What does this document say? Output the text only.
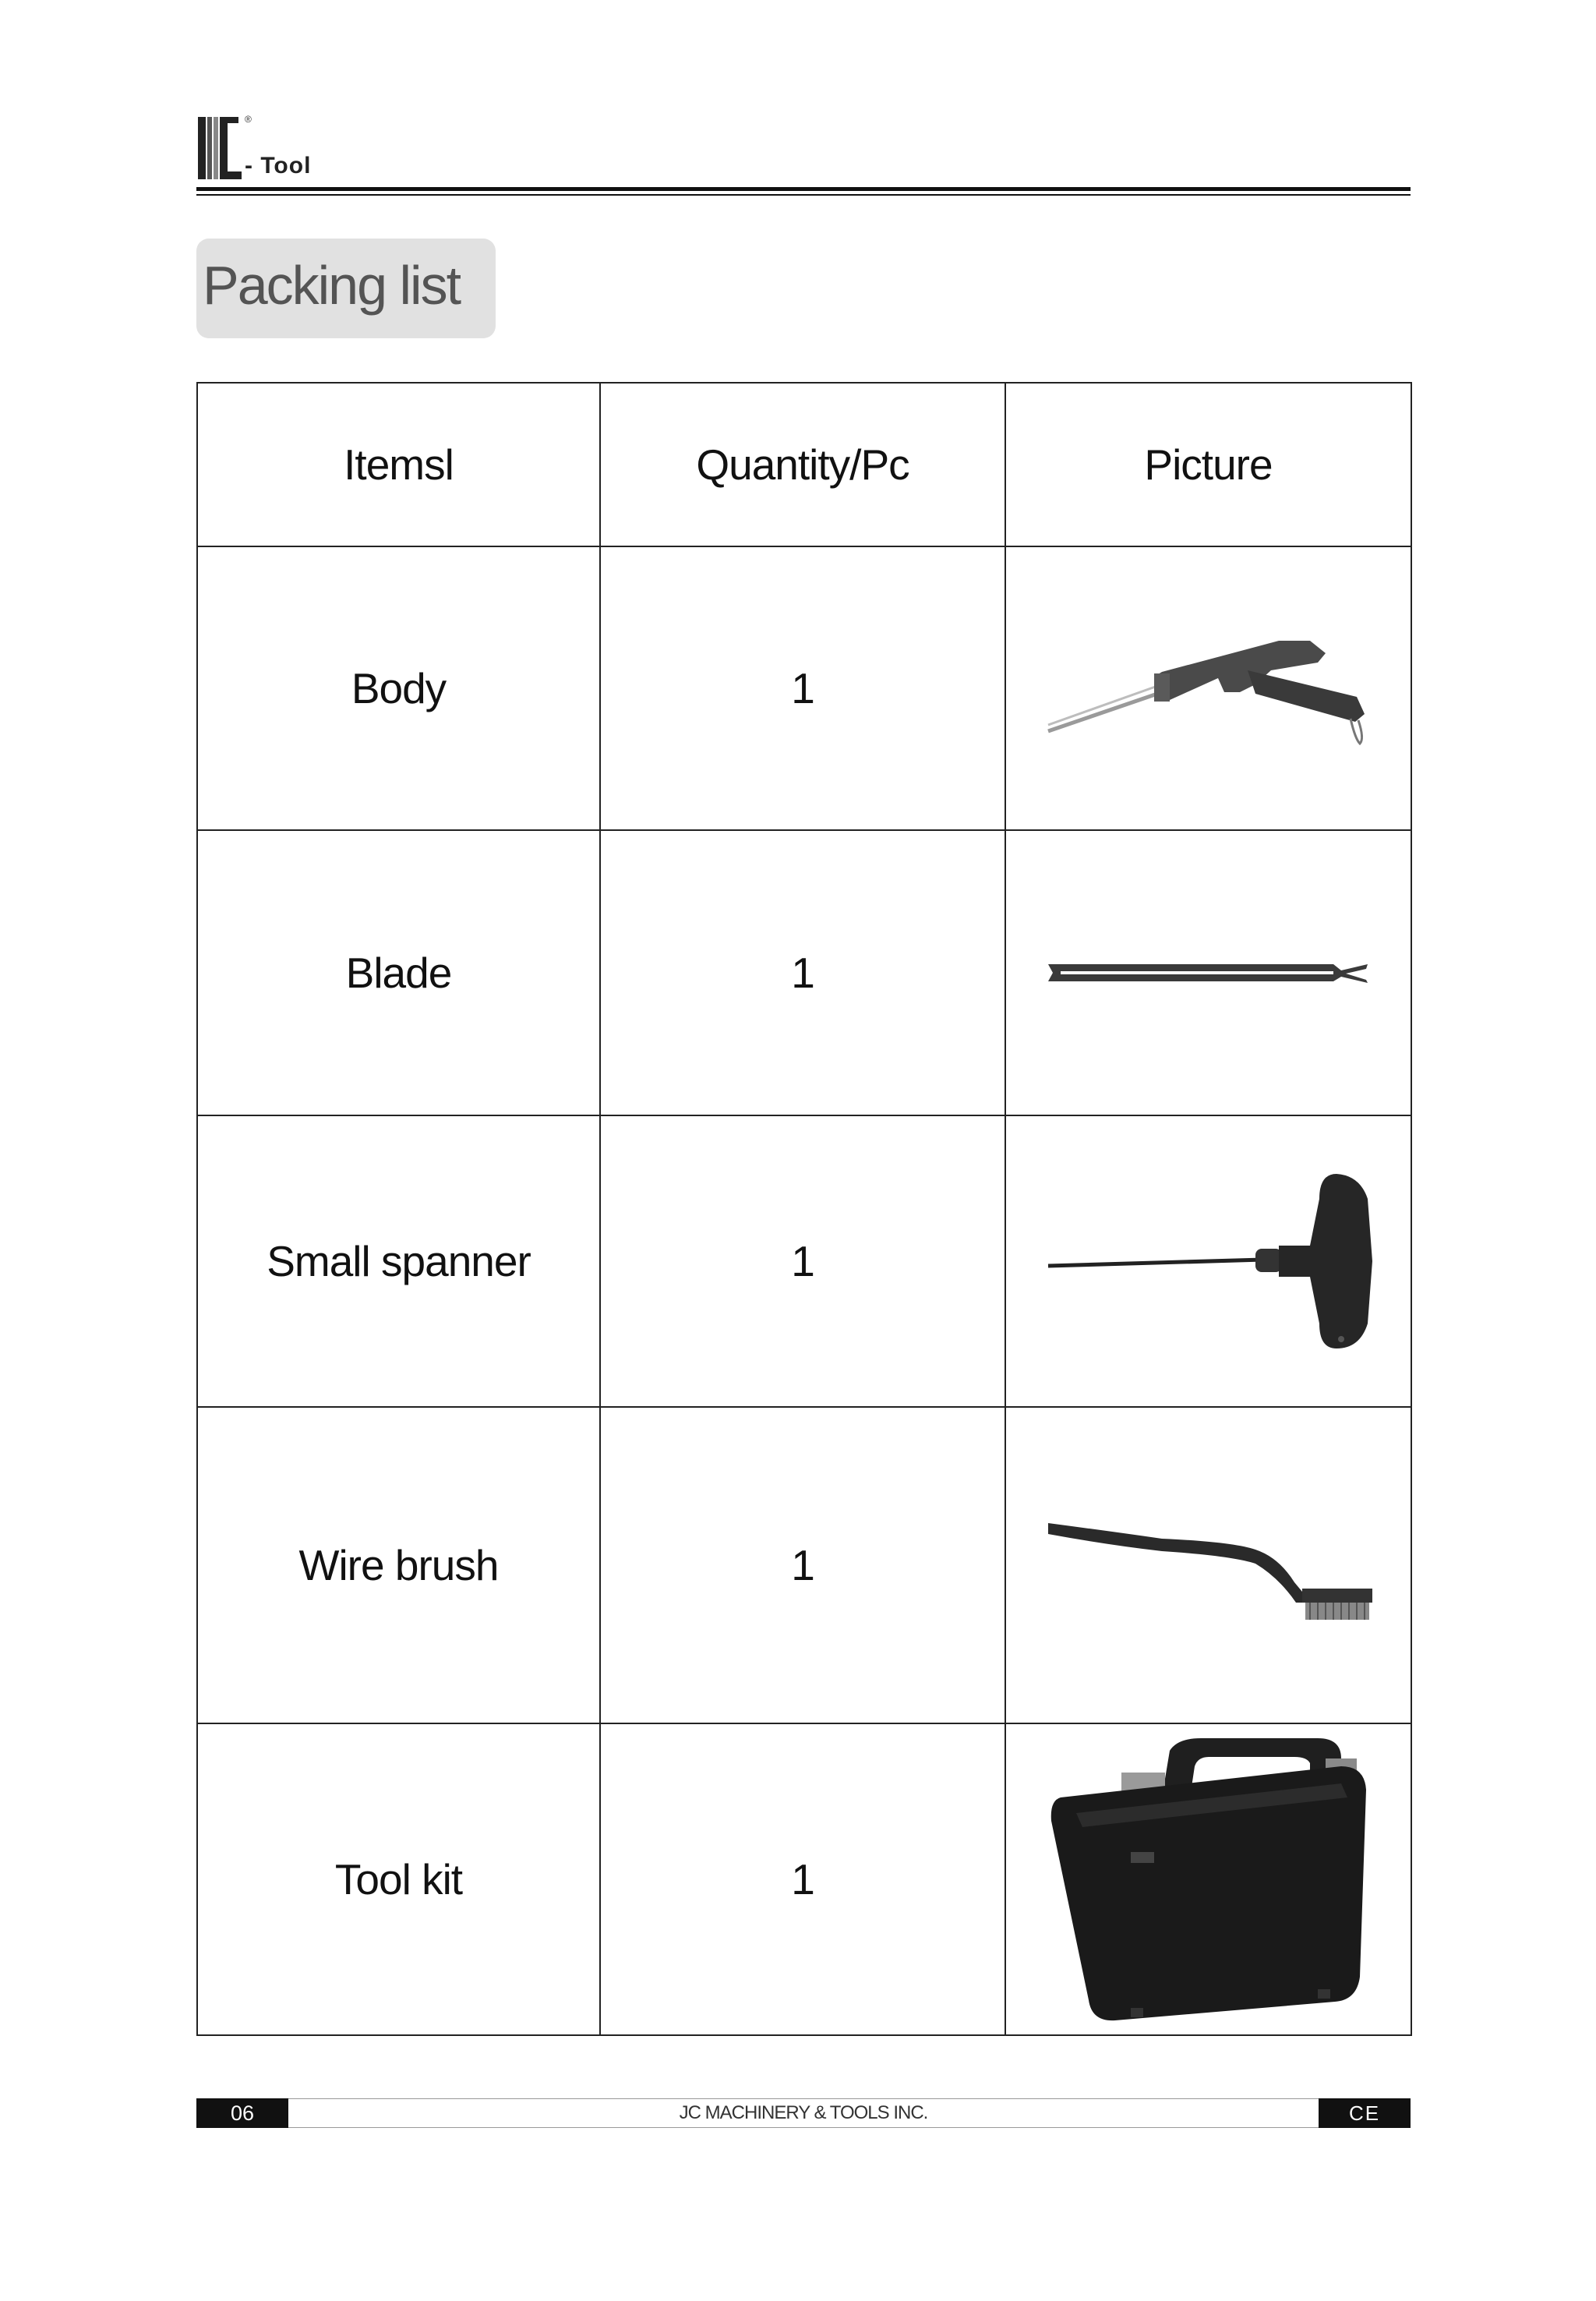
®
- Tool
Packing list
Itemsl	Quantity/Pc	Picture
Body	1	

Blade	1	

Small spanner	1	

Wire brush	1	

Tool kit	1	
06	JC MACHINERY & TOOLS INC.	CE
